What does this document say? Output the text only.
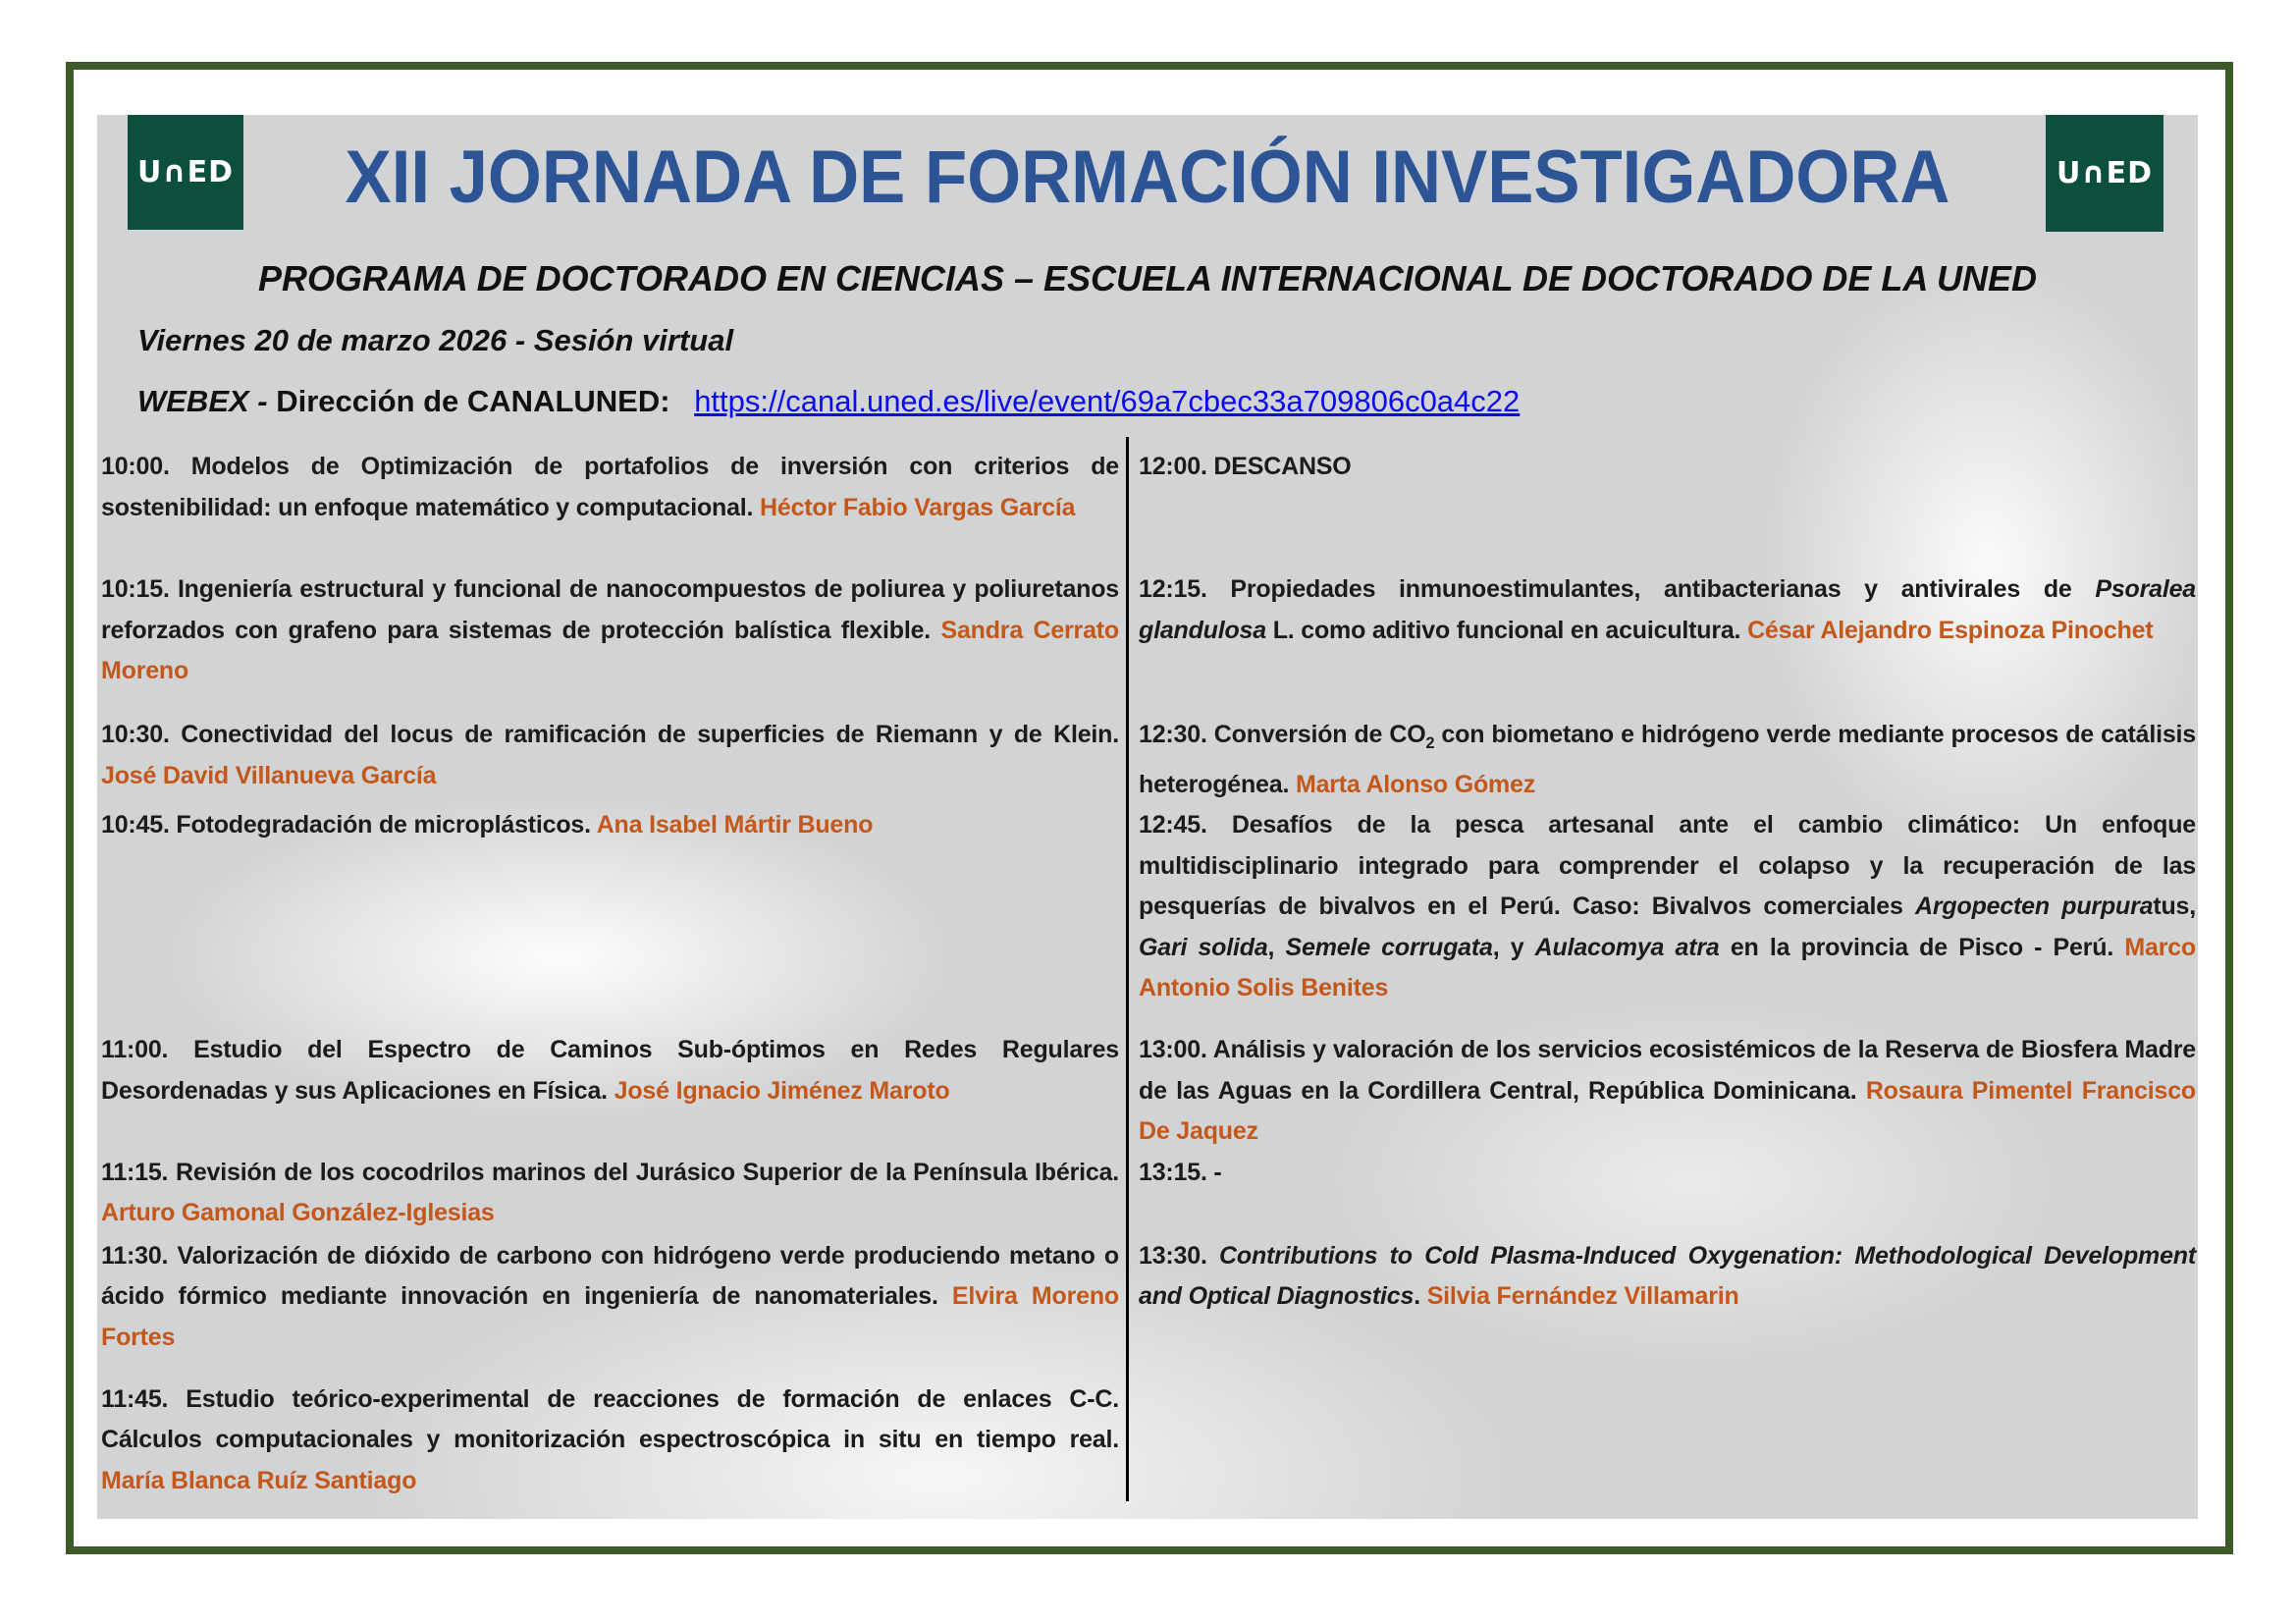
U∩ED	U∩ED
XII JORNADA DE FORMACIÓN INVESTIGADORA
PROGRAMA DE DOCTORADO EN CIENCIAS – ESCUELA INTERNACIONAL DE DOCTORADO DE LA UNED
Viernes 20 de marzo 2026 - Sesión virtual
WEBEX - Dirección de CANALUNED: https://canal.uned.es/live/event/69a7cbec33a709806c0a4c22

10:00. Modelos de Optimización de portafolios de inversión con criterios de sostenibilidad: un enfoque matemático y computacional. Héctor Fabio Vargas García

12:00. DESCANSO

10:15. Ingeniería estructural y funcional de nanocompuestos de poliurea y poliuretanos reforzados con grafeno para sistemas de protección balística flexible. Sandra Cerrato Moreno

12:15. Propiedades inmunoestimulantes, antibacterianas y antivirales de Psoralea glandulosa L. como aditivo funcional en acuicultura. César Alejandro Espinoza Pinochet

10:30. Conectividad del locus de ramificación de superficies de Riemann y de Klein. José David Villanueva García

12:30. Conversión de $CO_2$ con biometano e hidrógeno verde mediante procesos de catálisis heterogénea. Marta Alonso Gómez

10:45. Fotodegradación de microplásticos. Ana Isabel Mártir Bueno	12:45. Desafíos de la pesca artesanal ante el cambio climático: Un enfoque multidisciplinario integrado para comprender el colapso y la recuperación de las pesquerías de bivalvos en el Perú. Caso: Bivalvos comerciales Argopecten purpuratus, Gari solida, Semele corrugata, y Aulacomya atra en la provincia de Pisco - Perú. Marco Antonio Solis Benites

11:00. Estudio del Espectro de Caminos Sub-óptimos en Redes Regulares Desordenadas y sus Aplicaciones en Física. José Ignacio Jiménez Maroto

13:00. Análisis y valoración de los servicios ecosistémicos de la Reserva de Biosfera Madre de las Aguas en la Cordillera Central, República Dominicana. Rosaura Pimentel Francisco De Jaquez

11:15. Revisión de los cocodrilos marinos del Jurásico Superior de la Península Ibérica. Arturo Gamonal González-Iglesias

13:15. -

11:30. Valorización de dióxido de carbono con hidrógeno verde produciendo metano o ácido fórmico mediante innovación en ingeniería de nanomateriales. Elvira Moreno Fortes

13:30. Contributions to Cold Plasma-Induced Oxygenation: Methodological Development and Optical Diagnostics. Silvia Fernández Villamarin

11:45. Estudio teórico-experimental de reacciones de formación de enlaces C-C. Cálculos computacionales y monitorización espectroscópica in situ en tiempo real. María Blanca Ruíz Santiago
